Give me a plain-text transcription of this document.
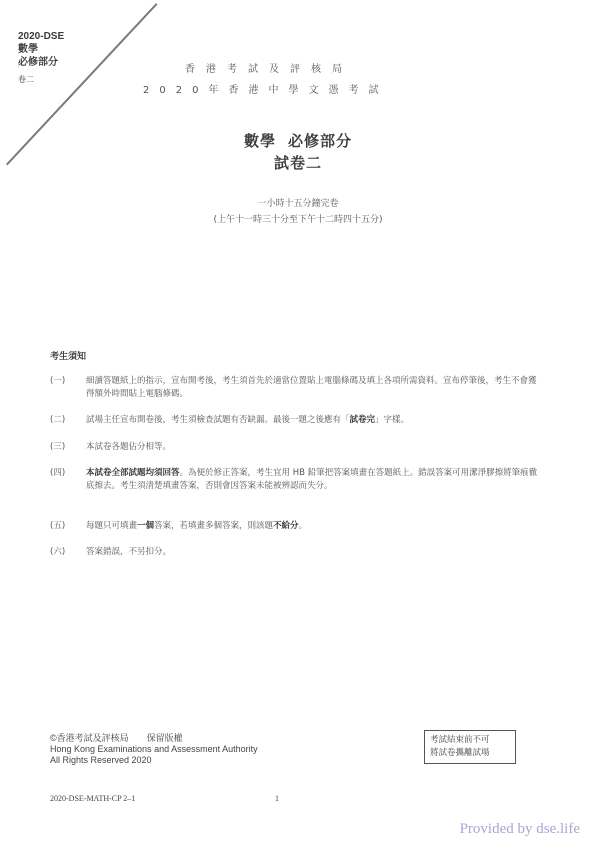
2020-DSE
數學
必修部分
卷二
香港考試及評核局
2020年香港中學文憑考試
數學 必修部分
試卷二
一小時十五分鐘完卷
(上午十一時三十分至下午十二時四十五分)
考生須知
(一) 細讀答題紙上的指示，宣布開考後，考生須首先於適當位置貼上電腦條碼及填上各項所需資料。宣布停筆後，考生不會獲得額外時間貼上電腦條碼。
(二) 試場主任宣布開卷後，考生須檢查試題有否缺漏。最後一題之後應有「試卷完」字樣。
(三) 本試卷各題佔分相等。
(四) 本試卷全部試題均須回答。為便於修正答案，考生宜用 HB 鉛筆把答案填畫在答題紙上。錯誤答案可用潔淨膠擦將筆痕徹底擦去。考生須清楚填畫答案，否則會因答案未能被辨認而失分。
(五) 每題只可填畫一個答案，若填畫多個答案，則該題不給分。
(六) 答案錯誤，不另扣分。
©香港考試及評核局 保留版權
Hong Kong Examinations and Assessment Authority
All Rights Reserved 2020
考試結束前不可
將試卷攜離試場
2020-DSE-MATH-CP 2–1	1
Provided by dse.life
